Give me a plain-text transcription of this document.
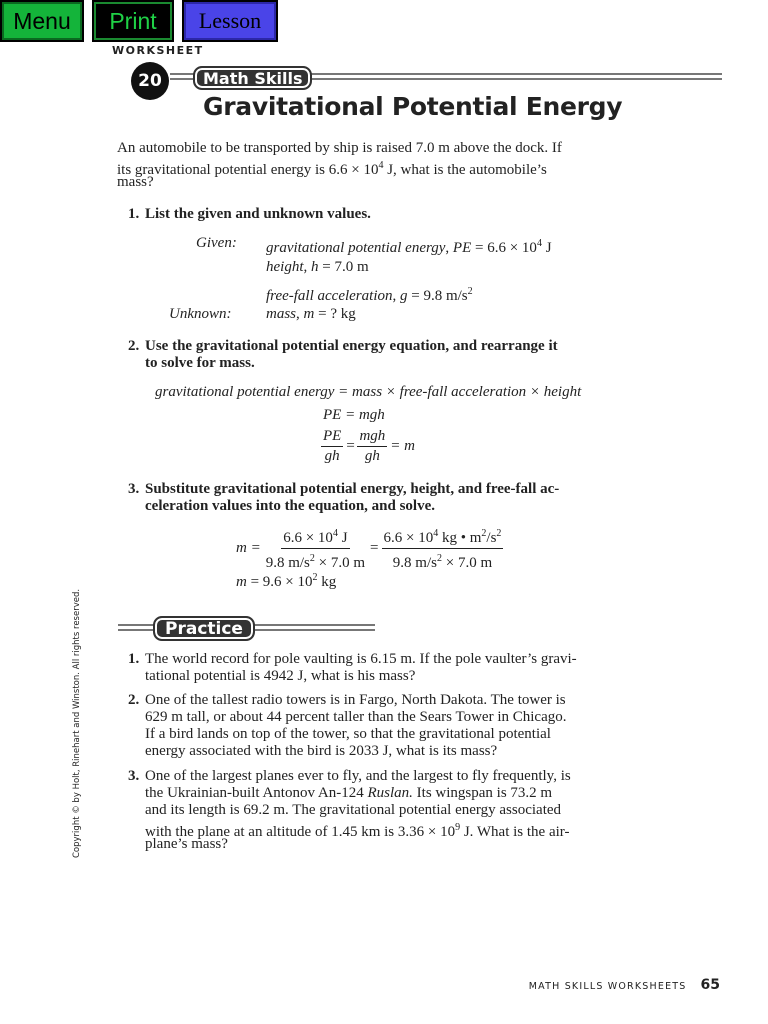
Menu	Print	Lesson
WORKSHEET
20	Math Skills
Gravitational Potential Energy
An automobile to be transported by ship is raised 7.0 m above the dock. If
its gravitational potential energy is $6.6 \times 10^4$ J, what is the automobile’s
mass?
1. List the given and unknown values.
Given: gravitational potential energy, PE = $6.6 \times 10^4$ J
height, h = 7.0 m
free-fall acceleration, g = 9.8 $m/s^2$
Unknown: mass, m = ? kg
2. Use the gravitational potential energy equation, and rearrange it
to solve for mass.
gravitational potential energy = mass × free-fall acceleration × height
PE = mgh
$\frac{PE}{gh} = \frac{\text{mgh}}{gh} = m$
3. Substitute gravitational potential energy, height, and free-fall ac-
celeration values into the equation, and solve.
$m = \frac{6.6 \times 10^4 J}{9.8 m/s^2 \times 7.0 m} = \frac{6.6 \times 10^4 kg • m^2/s^2}{9.8 m/s^2 \times 7.0 m}$
$m = 9.6 \times 10^2$ kg
Practice
1. The world record for pole vaulting is 6.15 m. If the pole vaulter’s gravi-
tational potential is 4942 J, what is his mass?
2. One of the tallest radio towers is in Fargo, North Dakota. The tower is
629 m tall, or about 44 percent taller than the Sears Tower in Chicago.
If a bird lands on top of the tower, so that the gravitational potential
energy associated with the bird is 2033 J, what is its mass?
3. One of the largest planes ever to fly, and the largest to fly frequently, is
the Ukrainian-built Antonov An-124 Ruslan. Its wingspan is 73.2 m
and its length is 69.2 m. The gravitational potential energy associated
with the plane at an altitude of 1.45 km is $3.36 \times 10^9$ J. What is the air-
plane’s mass?
Copyright © by Holt, Rinehart and Winston. All rights reserved.
MATH SKILLS WORKSHEETS 65
